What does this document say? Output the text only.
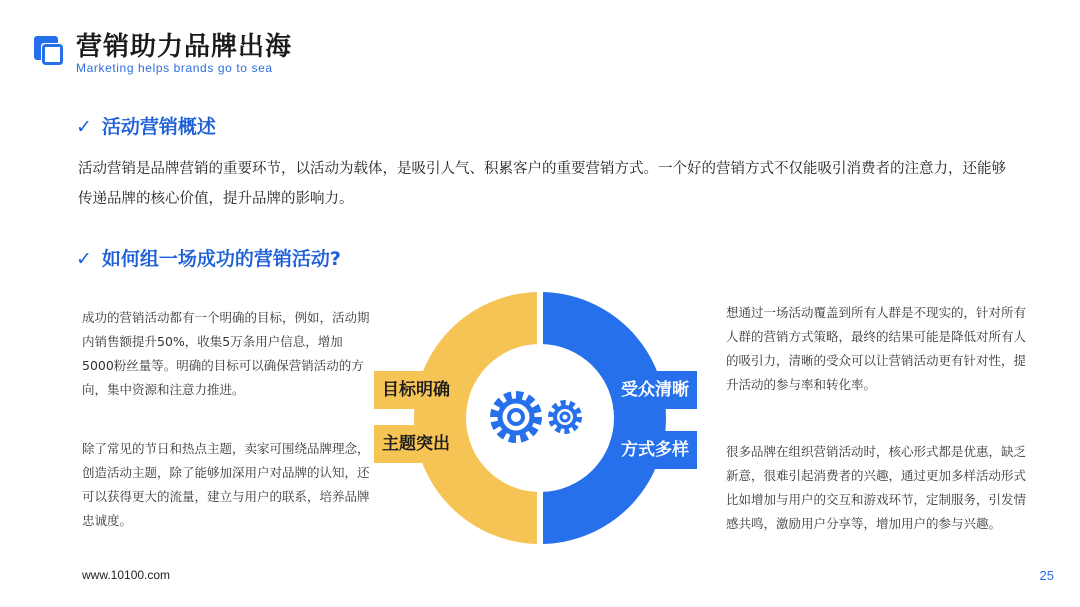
营销助力品牌出海
Marketing helps brands go to sea
✓ 活动营销概述
活动营销是品牌营销的重要环节，以活动为载体，是吸引人气、积累客户的重要营销方式。一个好的营销方式不仅能吸引消费者的注意力，还能够传递品牌的核心价值，提升品牌的影响力。
✓ 如何组一场成功的营销活动?
成功的营销活动都有一个明确的目标，例如，活动期内销售额提升50%，收集5万条用户信息，增加5000粉丝量等。明确的目标可以确保营销活动的方向，集中资源和注意力推进。
除了常见的节日和热点主题，卖家可围绕品牌理念，创造活动主题，除了能够加深用户对品牌的认知，还可以获得更大的流量，建立与用户的联系，培养品牌忠诚度。
想通过一场活动覆盖到所有人群是不现实的，针对所有人群的营销方式策略，最终的结果可能是降低对所有人的吸引力，清晰的受众可以让营销活动更有针对性，提升活动的参与率和转化率。
很多品牌在组织营销活动时，核心形式都是优惠，缺乏新意，很难引起消费者的兴趣，通过更加多样活动形式比如增加与用户的交互和游戏环节，定制服务，引发情感共鸣，激励用户分享等，增加用户的参与兴趣。
目标明确
主题突出
受众清晰
方式多样
www.10100.com	25
